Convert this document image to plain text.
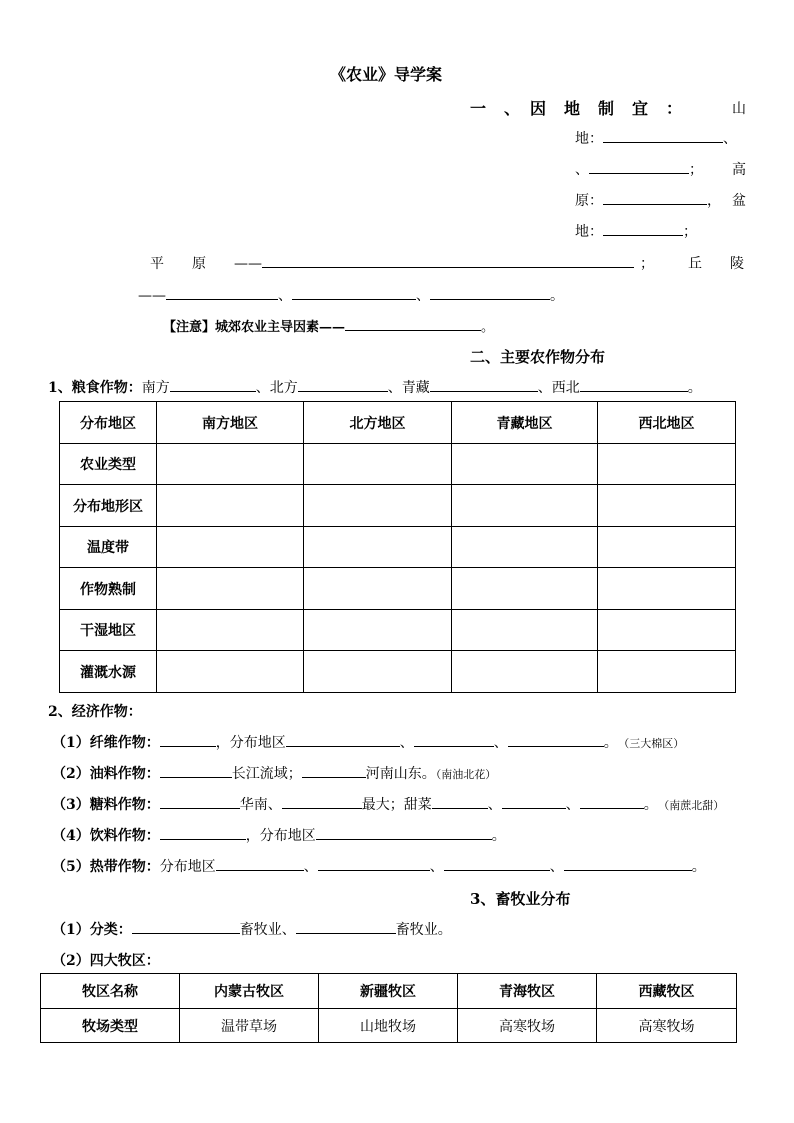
《农业》导学案
一　、　因　地　制　宜　：	山
地：	、
、	； 高
原：	， 盆
地：	；
平　　原　　——	； 丘　　陵
——	、	、	。
【注意】城郊农业主导因素——	。
二、主要农作物分布
1、粮食作物：南方	、北方	、青藏	、西北	。
分布地区	南方地区	北方地区	青藏地区	西北地区
农业类型				
分布地形区				
温度带				
作物熟制				
干湿地区				
灌溉水源				
2、经济作物：
（1）纤维作物：	，分布地区	、	、	。 （三大棉区）
（2）油料作物：	长江流域；	河南山东。（南油北花）
（3）糖料作物：	华南、	最大；甜菜	、	、	。 （南蔗北甜）
（4）饮料作物：	，分布地区	。
（5）热带作物：分布地区	、	、	、	。
3、畜牧业分布
（1）分类：	畜牧业、	畜牧业。
（2）四大牧区：
牧区名称	内蒙古牧区	新疆牧区	青海牧区	西藏牧区
牧场类型	温带草场	山地牧场	高寒牧场	高寒牧场
